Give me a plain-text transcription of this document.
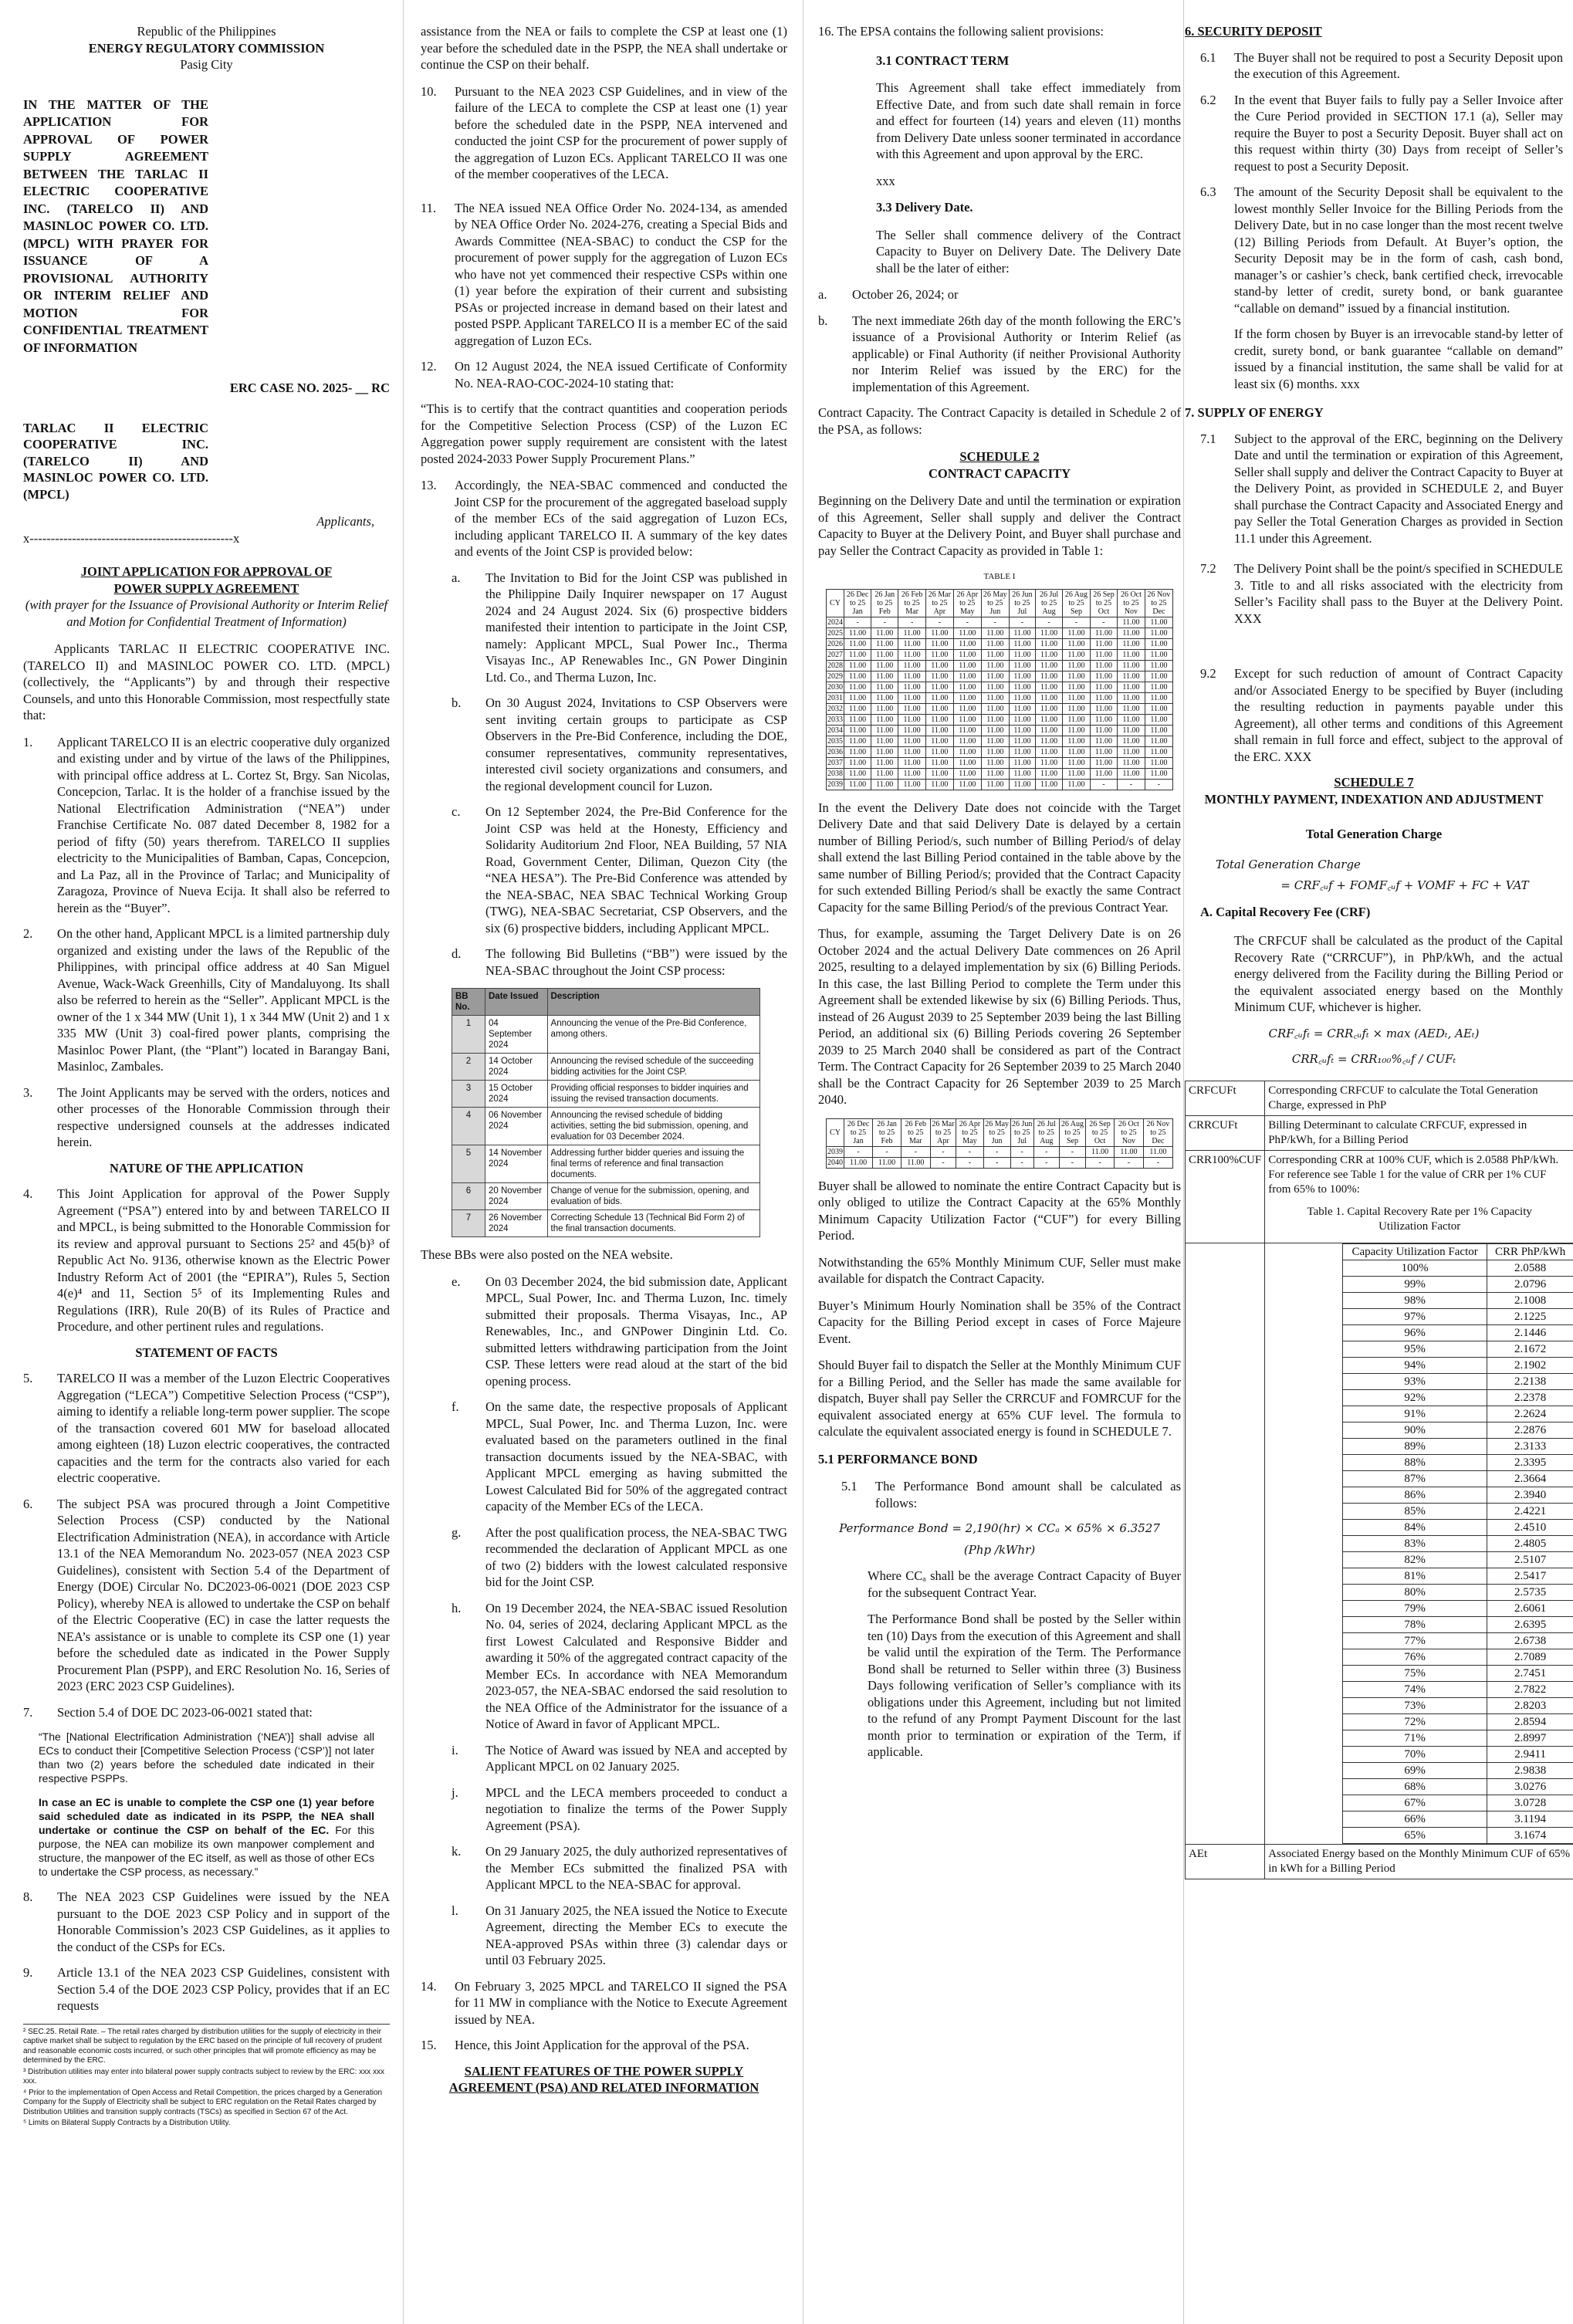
Republic of the Philippines
ENERGY REGULATORY COMMISSION
Pasig City
IN THE MATTER OF THE APPLICATION FOR APPROVAL OF POWER SUPPLY AGREEMENT BETWEEN THE TARLAC II ELECTRIC COOPERATIVE INC. (TARELCO II) AND MASINLOC POWER CO. LTD. (MPCL) WITH PRAYER FOR ISSUANCE OF A PROVISIONAL AUTHORITY OR INTERIM RELIEF AND MOTION FOR CONFIDENTIAL TREATMENT OF INFORMATION
ERC CASE NO. 2025- __ RC
TARLAC II ELECTRIC COOPERATIVE INC. (TARELCO II) AND MASINLOC POWER CO. LTD. (MPCL)
Applicants,
x------------------------------------------------x
JOINT APPLICATION FOR APPROVAL OF
POWER SUPPLY AGREEMENT
(with prayer for the Issuance of Provisional Authority or Interim Relief and Motion for Confidential Treatment of Information)

Applicants TARLAC II ELECTRIC COOPERATIVE INC. (TARELCO II) and MASINLOC POWER CO. LTD. (MPCL) (collectively, the “Applicants”) by and through their respective Counsels, and unto this Honorable Commission, most respectfully state that:

1.	Applicant TARELCO II is an electric cooperative duly organized and existing under and by virtue of the laws of the Philippines, with principal office address at L. Cortez St, Brgy. San Nicolas, Concepcion, Tarlac. It is the holder of a franchise issued by the National Electrification Administration (“NEA”) under Franchise Certificate No. 087 dated December 8, 1982 for a period of fifty (50) years therefrom. TARELCO II supplies electricity to the Municipalities of Bamban, Capas, Concepcion, and La Paz, all in the Province of Tarlac; and Municipality of Zaragoza, Province of Nueva Ecija. It shall also be referred to herein as the “Buyer”.
2.	On the other hand, Applicant MPCL is a limited partnership duly organized and existing under the laws of the Republic of the Philippines, with principal office address at 40 San Miguel Avenue, Wack-Wack Greenhills, City of Mandaluyong. Its shall also be referred to herein as the “Seller”. Applicant MPCL is the owner of the 1 x 344 MW (Unit 1), 1 x 344 MW (Unit 2) and 1 x 335 MW (Unit 3) coal-fired power plants, comprising the Masinloc Power Plant, (the “Plant”) located in Barangay Bani, Masinloc, Zambales.
3.	The Joint Applicants may be served with the orders, notices and other processes of the Honorable Commission through their respective undersigned counsels at the addresses indicated herein.
NATURE OF THE APPLICATION
4.	This Joint Application for approval of the Power Supply Agreement (“PSA”) entered into by and between TARELCO II and MPCL, is being submitted to the Honorable Commission for its review and approval pursuant to Sections 25² and 45(b)³ of Republic Act No. 9136, otherwise known as the Electric Power Industry Reform Act of 2001 (the “EPIRA”), Rules 5, Section 4(e)⁴ and 11, Section 5⁵ of its Implementing Rules and Regulations (IRR), Rule 20(B) of its Rules of Practice and Procedure, and other pertinent rules and regulations.
STATEMENT OF FACTS
5.	TARELCO II was a member of the Luzon Electric Cooperatives Aggregation (“LECA”) Competitive Selection Process (“CSP”), aiming to identify a reliable long-term power supplier. The scope of the transaction covered 601 MW for baseload allocated among eighteen (18) Luzon electric cooperatives, the contracted capacities and the term for the contracts also varied for each electric cooperative.
6.	The subject PSA was procured through a Joint Competitive Selection Process (CSP) conducted by the National Electrification Administration (NEA), in accordance with Article 13.1 of the NEA Memorandum No. 2023-057 (NEA 2023 CSP Guidelines), consistent with Section 5.4 of the Department of Energy (DOE) Circular No. DC2023-06-0021 (DOE 2023 CSP Policy), whereby NEA is allowed to undertake the CSP on behalf of the Electric Cooperative (EC) in case the latter requests the NEA’s assistance or is unable to complete its CSP one (1) year before the scheduled date as indicated in the Power Supply Procurement Plan (PSPP), and ERC Resolution No. 16, Series of 2023 (ERC 2023 CSP Guidelines).
7.	Section 5.4 of DOE DC 2023-06-0021 stated that:

“The [National Electrification Administration (‘NEA’)] shall advise all ECs to conduct their [Competitive Selection Process (‘CSP’)] not later than two (2) years before the scheduled date indicated in their respective PSPPs.

In case an EC is unable to complete the CSP one (1) year before said scheduled date as indicated in its PSPP, the NEA shall undertake or continue the CSP on behalf of the EC. For this purpose, the NEA can mobilize its own manpower complement and structure, the manpower of the EC itself, as well as those of other ECs to undertake the CSP process, as necessary.”

8.	The NEA 2023 CSP Guidelines were issued by the NEA pursuant to the DOE 2023 CSP Policy and in support of the Honorable Commission’s 2023 CSP Guidelines, as it applies to the conduct of the CSPs for ECs.
9.	Article 13.1 of the NEA 2023 CSP Guidelines, consistent with Section 5.4 of the DOE 2023 CSP Policy, provides that if an EC requests
² SEC.25. Retail Rate. – The retail rates charged by distribution utilities for the supply of electricity in their captive market shall be subject to regulation by the ERC based on the principle of full recovery of prudent and reasonable economic costs incurred, or such other principles that will promote efficiency as may be determined by the ERC.
³ Distribution utilities may enter into bilateral power supply contracts subject to review by the ERC: xxx xxx xxx.
⁴ Prior to the implementation of Open Access and Retail Competition, the prices charged by a Generation Company for the Supply of Electricity shall be subject to ERC regulation on the Retail Rates charged by Distribution Utilities and transition supply contracts (TSCs) as specified in Section 67 of the Act.
⁵ Limits on Bilateral Supply Contracts by a Distribution Utility.

assistance from the NEA or fails to complete the CSP at least one (1) year before the scheduled date in the PSPP, the NEA shall undertake or continue the CSP on their behalf.

10.	Pursuant to the NEA 2023 CSP Guidelines, and in view of the failure of the LECA to complete the CSP at least one (1) year before the scheduled date in the PSPP, NEA intervened and conducted the joint CSP for the procurement of power supply of the aggregation of Luzon ECs. Applicant TARELCO II was one of the member cooperatives of the LECA.
11.	The NEA issued NEA Office Order No. 2024-134, as amended by NEA Office Order No. 2024-276, creating a Special Bids and Awards Committee (NEA-SBAC) to conduct the CSP for the procurement of power supply for the aggregation of Luzon ECs who have not yet commenced their respective CSPs within one (1) year before the expiration of their current and subsisting PSAs or projected increase in demand based on their latest and posted PSPP. Applicant TARELCO II is a member EC of the said aggregation of Luzon ECs.
12.	On 12 August 2024, the NEA issued Certificate of Conformity No. NEA-RAO-COC-2024-10 stating that:

“This is to certify that the contract quantities and cooperation periods for the Competitive Selection Process (CSP) of the Luzon EC Aggregation power supply requirement are consistent with the latest posted 2024-2033 Power Supply Procurement Plans.”

13.	Accordingly, the NEA-SBAC commenced and conducted the Joint CSP for the procurement of the aggregated baseload supply of the member ECs of the said aggregation of Luzon ECs, including applicant TARELCO II. A summary of the key dates and events of the Joint CSP is provided below:
a.	The Invitation to Bid for the Joint CSP was published in the Philippine Daily Inquirer newspaper on 17 August 2024 and 24 August 2024. Six (6) prospective bidders manifested their intention to participate in the Joint CSP, namely: Applicant MPCL, Sual Power Inc., Therma Visayas Inc., AP Renewables Inc., GN Power Dinginin Ltd. Co., and Therma Luzon, Inc.
b.	On 30 August 2024, Invitations to CSP Observers were sent inviting certain groups to participate as CSP Observers in the Pre-Bid Conference, including the DOE, consumer representatives, community representatives, interested civil society organizations and consumers, and the regional development council for Luzon.
c.	On 12 September 2024, the Pre-Bid Conference for the Joint CSP was held at the Honesty, Efficiency and Solidarity Auditorium 2nd Floor, NEA Building, 57 NIA Road, Government Center, Diliman, Quezon City (the “NEA HESA”). The Pre-Bid Conference was attended by the NEA-SBAC, NEA SBAC Technical Working Group (TWG), NEA-SBAC Secretariat, CSP Observers, and the six (6) prospective bidders, including Applicant MPCL.
d.	The following Bid Bulletins (“BB”) were issued by the NEA-SBAC throughout the Joint CSP process:
BB No.	Date Issued	Description
1	04 September 2024	Announcing the venue of the Pre-Bid Conference, among others.
2	14 October 2024	Announcing the revised schedule of the succeeding bidding activities for the Joint CSP.
3	15 October 2024	Providing official responses to bidder inquiries and issuing the revised transaction documents.
4	06 November 2024	Announcing the revised schedule of bidding activities, setting the bid submission, opening, and evaluation for 03 December 2024.
5	14 November 2024	Addressing further bidder queries and issuing the final terms of reference and final transaction documents.
6	20 November 2024	Change of venue for the submission, opening, and evaluation of bids.
7	26 November 2024	Correcting Schedule 13 (Technical Bid Form 2) of the final transaction documents.

These BBs were also posted on the NEA website.

e.	On 03 December 2024, the bid submission date, Applicant MPCL, Sual Power, Inc. and Therma Luzon, Inc. timely submitted their proposals. Therma Visayas, Inc., AP Renewables, Inc., and GNPower Dinginin Ltd. Co. submitted letters withdrawing participation from the Joint CSP. These letters were read aloud at the start of the bid opening process.
f.	On the same date, the respective proposals of Applicant MPCL, Sual Power, Inc. and Therma Luzon, Inc. were evaluated based on the parameters outlined in the final transaction documents issued by the NEA-SBAC, with Applicant MPCL emerging as having submitted the Lowest Calculated Bid for 50% of the aggregated contract capacity of the Member ECs of the LECA.
g.	After the post qualification process, the NEA-SBAC TWG recommended the declaration of Applicant MPCL as one of two (2) bidders with the lowest calculated responsive bid for the Joint CSP.
h.	On 19 December 2024, the NEA-SBAC issued Resolution No. 04, series of 2024, declaring Applicant MPCL as the first Lowest Calculated and Responsive Bidder and awarding it 50% of the aggregated contract capacity of the Member ECs. In accordance with NEA Memorandum 2023-057, the NEA-SBAC endorsed the said resolution to the NEA Office of the Administrator for the issuance of a Notice of Award in favor of Applicant MPCL.
i.	The Notice of Award was issued by NEA and accepted by Applicant MPCL on 02 January 2025.
j.	MPCL and the LECA members proceeded to conduct a negotiation to finalize the terms of the Power Supply Agreement (PSA).
k.	On 29 January 2025, the duly authorized representatives of the Member ECs submitted the finalized PSA with Applicant MPCL to the NEA-SBAC for approval.
l.	On 31 January 2025, the NEA issued the Notice to Execute Agreement, directing the Member ECs to execute the NEA-approved PSAs within three (3) calendar days or until 03 February 2025.
14.	On February 3, 2025 MPCL and TARELCO II signed the PSA for 11 MW in compliance with the Notice to Execute Agreement issued by NEA.
15.	Hence, this Joint Application for the approval of the PSA.
SALIENT FEATURES OF THE POWER SUPPLY
AGREEMENT (PSA) AND RELATED INFORMATION

16. The EPSA contains the following salient provisions:

3.1 CONTRACT TERM

This Agreement shall take effect immediately from Effective Date, and from such date shall remain in force and effect for fourteen (14) years and eleven (11) months from Delivery Date unless sooner terminated in accordance with this Agreement and upon approval by the ERC.

xxx

3.3 Delivery Date.

The Seller shall commence delivery of the Contract Capacity to Buyer on Delivery Date. The Delivery Date shall be the later of either:

a.	October 26, 2024; or
b.	The next immediate 26th day of the month following the ERC’s issuance of a Provisional Authority or Interim Relief (as applicable) or Final Authority (if neither Provisional Authority nor Interim Relief was issued by the ERC) for the implementation of this Agreement.

Contract Capacity. The Contract Capacity is detailed in Schedule 2 of the PSA, as follows:

SCHEDULE 2
CONTRACT CAPACITY

Beginning on the Delivery Date and until the termination or expiration of this Agreement, Seller shall supply and deliver the Contract Capacity to Buyer at the Delivery Point, and Buyer shall purchase and pay Seller the Contract Capacity as provided in Table 1:

TABLE I
CY	26 Dec to 25 Jan	26 Jan to 25 Feb	26 Feb to 25 Mar	26 Mar to 25 Apr	26 Apr to 25 May	26 May to 25 Jun	26 Jun to 25 Jul	26 Jul to 25 Aug	26 Aug to 25 Sep	26 Sep to 25 Oct	26 Oct to 25 Nov	26 Nov to 25 Dec
2024	-	-	-	-	-	-	-	-	-	-	11.00	11.00
2025	11.00	11.00	11.00	11.00	11.00	11.00	11.00	11.00	11.00	11.00	11.00	11.00
2026	11.00	11.00	11.00	11.00	11.00	11.00	11.00	11.00	11.00	11.00	11.00	11.00
2027	11.00	11.00	11.00	11.00	11.00	11.00	11.00	11.00	11.00	11.00	11.00	11.00
2028	11.00	11.00	11.00	11.00	11.00	11.00	11.00	11.00	11.00	11.00	11.00	11.00
2029	11.00	11.00	11.00	11.00	11.00	11.00	11.00	11.00	11.00	11.00	11.00	11.00
2030	11.00	11.00	11.00	11.00	11.00	11.00	11.00	11.00	11.00	11.00	11.00	11.00
2031	11.00	11.00	11.00	11.00	11.00	11.00	11.00	11.00	11.00	11.00	11.00	11.00
2032	11.00	11.00	11.00	11.00	11.00	11.00	11.00	11.00	11.00	11.00	11.00	11.00
2033	11.00	11.00	11.00	11.00	11.00	11.00	11.00	11.00	11.00	11.00	11.00	11.00
2034	11.00	11.00	11.00	11.00	11.00	11.00	11.00	11.00	11.00	11.00	11.00	11.00
2035	11.00	11.00	11.00	11.00	11.00	11.00	11.00	11.00	11.00	11.00	11.00	11.00
2036	11.00	11.00	11.00	11.00	11.00	11.00	11.00	11.00	11.00	11.00	11.00	11.00
2037	11.00	11.00	11.00	11.00	11.00	11.00	11.00	11.00	11.00	11.00	11.00	11.00
2038	11.00	11.00	11.00	11.00	11.00	11.00	11.00	11.00	11.00	11.00	11.00	11.00
2039	11.00	11.00	11.00	11.00	11.00	11.00	11.00	11.00	11.00	-	-	-

In the event the Delivery Date does not coincide with the Target Delivery Date and that said Delivery Date is delayed by a certain number of Billing Period/s, such number of Billing Period/s of delay shall extend the last Billing Period contained in the table above by the same number of Billing Period/s; provided that the Contract Capacity for such extended Billing Period/s shall be exactly the same Contract Capacity for the same Billing Period/s of the previous Contract Year.

Thus, for example, assuming the Target Delivery Date is on 26 October 2024 and the actual Delivery Date commences on 26 April 2025, resulting to a delayed implementation by six (6) Billing Periods. In this case, the last Billing Period to complete the Term under this Agreement shall be extended likewise by six (6) Billing Periods. Thus, instead of 26 August 2039 to 25 September 2039 being the last Billing Period, an additional six (6) Billing Periods covering 26 September 2039 to 25 March 2040 shall be considered as part of the Contract Term. The Contract Capacity for 26 September 2039 to 25 March 2040 shall be the Contract Capacity for 26 September 2039 to 25 March 2040.

CY	26 Dec to 25 Jan	26 Jan to 25 Feb	26 Feb to 25 Mar	26 Mar to 25 Apr	26 Apr to 25 May	26 May to 25 Jun	26 Jun to 25 Jul	26 Jul to 25 Aug	26 Aug to 25 Sep	26 Sep to 25 Oct	26 Oct to 25 Nov	26 Nov to 25 Dec
2039	-	-	-	-	-	-	-	-	-	11.00	11.00	11.00
2040	11.00	11.00	11.00	-	-	-	-	-	-	-	-	-

Buyer shall be allowed to nominate the entire Contract Capacity but is only obliged to utilize the Contract Capacity at the 65% Monthly Minimum Capacity Utilization Factor (“CUF”) for every Billing Period.

Notwithstanding the 65% Monthly Minimum CUF, Seller must make available for dispatch the Contract Capacity.

Buyer’s Minimum Hourly Nomination shall be 35% of the Contract Capacity for the Billing Period except in cases of Force Majeure Event.

Should Buyer fail to dispatch the Seller at the Monthly Minimum CUF for a Billing Period, and the Seller has made the same available for dispatch, Buyer shall pay Seller the CRRCUF and FOMRCUF for the equivalent associated energy at 65% CUF level. The formula to calculate the equivalent associated energy is found in SCHEDULE 7.

5.1 PERFORMANCE BOND
5.1	The Performance Bond amount shall be calculated as follows:
Performance Bond = 2,190(hr) × CCₐ × 65% × 6.3527
(Php /kWhr)

Where CCₐ shall be the average Contract Capacity of Buyer for the subsequent Contract Year.

The Performance Bond shall be posted by the Seller within ten (10) Days from the execution of this Agreement and shall be valid until the expiration of the Term. The Performance Bond shall be returned to Seller within three (3) Business Days following verification of Seller’s compliance with its obligations under this Agreement, including but not limited to the refund of any Prompt Payment Discount for the last month prior to termination or expiration of the Term, if applicable.

6. SECURITY DEPOSIT
6.1	The Buyer shall not be required to post a Security Deposit upon the execution of this Agreement.
6.2	In the event that Buyer fails to fully pay a Seller Invoice after the Cure Period provided in SECTION 17.1 (a), Seller may require the Buyer to post a Security Deposit. Buyer shall act on this request within thirty (30) Days from receipt of Seller’s request to post a Security Deposit.
6.3	The amount of the Security Deposit shall be equivalent to the lowest monthly Seller Invoice for the Billing Periods from the Delivery Date, but in no case longer than the most recent twelve (12) Billing Periods from Default. At Buyer’s option, the Security Deposit may be in the form of cash, cash bond, manager’s or cashier’s check, bank certified check, irrevocable stand-by letter of credit, surety bond, or bank guarantee “callable on demand” issued by a financial institution.

If the form chosen by Buyer is an irrevocable stand-by letter of credit, surety bond, or bank guarantee “callable on demand” issued by a financial institution, the same shall be valid for at least six (6) months. xxx

7. SUPPLY OF ENERGY
7.1	Subject to the approval of the ERC, beginning on the Delivery Date and until the termination or expiration of this Agreement, Seller shall supply and deliver the Contract Capacity to Buyer at the Delivery Point, as provided in SCHEDULE 2, and Buyer shall purchase the Contract Capacity and Associated Energy and pay Seller the Total Generation Charges as provided in Section 11.1 under this Agreement.
7.2	The Delivery Point shall be the point/s specified in SCHEDULE 3. Title to and all risks associated with the electricity from Seller’s Facility shall pass to the Buyer at the Delivery Point. XXX
9.2	Except for such reduction of amount of Contract Capacity and/or Associated Energy to be specified by Buyer (including the resulting reduction in payments payable under this Agreement), all other terms and conditions of this Agreement shall remain in full force and effect, subject to the approval of the ERC. XXX
SCHEDULE 7
MONTHLY PAYMENT, INDEXATION AND ADJUSTMENT
Total Generation Charge
Total Generation Charge
= CRF꜀ᵤf + FOMF꜀ᵤf + VOMF + FC + VAT
A. Capital Recovery Fee (CRF)

The CRFCUF shall be calculated as the product of the Capital Recovery Rate (“CRRCUF”), in PhP/kWh, and the actual energy delivered from the Facility during the Billing Period or the equivalent associated energy based on the Monthly Minimum CUF, whichever is higher.

CRF꜀ᵤfₜ = CRR꜀ᵤfₜ × max (AEDₜ, AEₜ)
CRR꜀ᵤfₜ = CRR₁₀₀%꜀ᵤf / CUFₜ
CRFCUFt	Corresponding CRFCUF to calculate the Total Generation Charge, expressed in PhP
CRRCUFt	Billing Determinant to calculate CRFCUF, expressed in PhP/kWh, for a Billing Period
CRR100%CUF	Corresponding CRR at 100% CUF, which is 2.0588 PhP/kWh. For reference see Table 1 for the value of CRR per 1% CUF from 65% to 100%:
Table 1. Capital Recovery Rate per 1% Capacity Utilization Factor

Capacity Utilization Factor	CRR PhP/kWh
100%	2.0588
99%	2.0796
98%	2.1008
97%	2.1225
96%	2.1446
95%	2.1672
94%	2.1902
93%	2.2138
92%	2.2378
91%	2.2624
90%	2.2876
89%	2.3133
88%	2.3395
87%	2.3664
86%	2.3940
85%	2.4221
84%	2.4510
83%	2.4805
82%	2.5107
81%	2.5417
80%	2.5735
79%	2.6061
78%	2.6395
77%	2.6738
76%	2.7089
75%	2.7451
74%	2.7822
73%	2.8203
72%	2.8594
71%	2.8997
70%	2.9411
69%	2.9838
68%	3.0276
67%	3.0728
66%	3.1194
65%	3.1674

AEt	Associated Energy based on the Monthly Minimum CUF of 65% in kWh for a Billing Period
